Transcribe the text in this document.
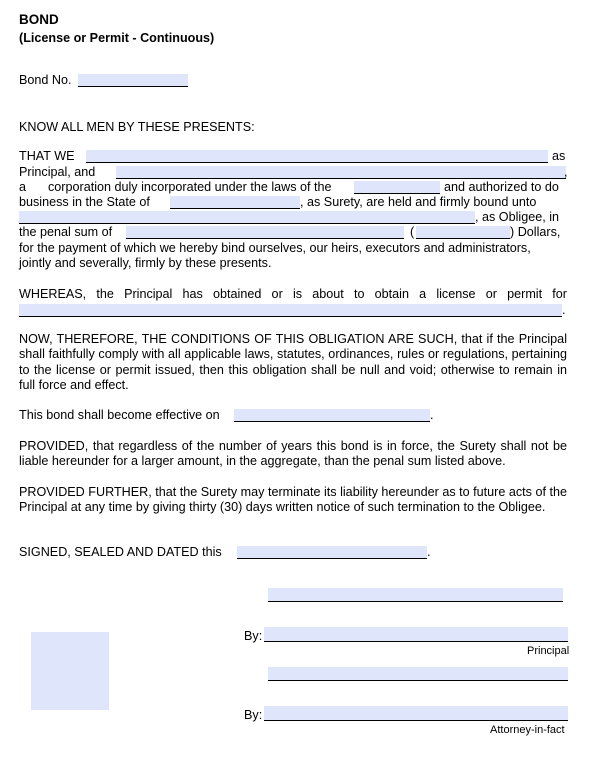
BOND
(License or Permit - Continuous)
Bond No.
KNOW ALL MEN BY THESE PRESENTS:
THAT WE	as
Principal, and	,
a corporation duly incorporated under the laws of the	and authorized to do
business in the State of	, as Surety, are held and firmly bound unto
, as Obligee, in
the penal sum of	(	) Dollars,
for the payment of which we hereby bind ourselves, our heirs, executors and administrators,
jointly and severally, firmly by these presents.
WHEREAS, the Principal has obtained or is about to obtain a license or permit for
.
NOW, THEREFORE, THE CONDITIONS OF THIS OBLIGATION ARE SUCH, that if the Principal shall faithfully comply with all applicable laws, statutes, ordinances, rules or regulations, pertaining to the license or permit issued, then this obligation shall be null and void; otherwise to remain in full force and effect.
This bond shall become effective on	.
PROVIDED, that regardless of the number of years this bond is in force, the Surety shall not be liable hereunder for a larger amount, in the aggregate, than the penal sum listed above.
PROVIDED FURTHER, that the Surety may terminate its liability hereunder as to future acts of the Principal at any time by giving thirty (30) days written notice of such termination to the Obligee.
SIGNED, SEALED AND DATED this	.
By:
Principal
By:
Attorney-in-fact
